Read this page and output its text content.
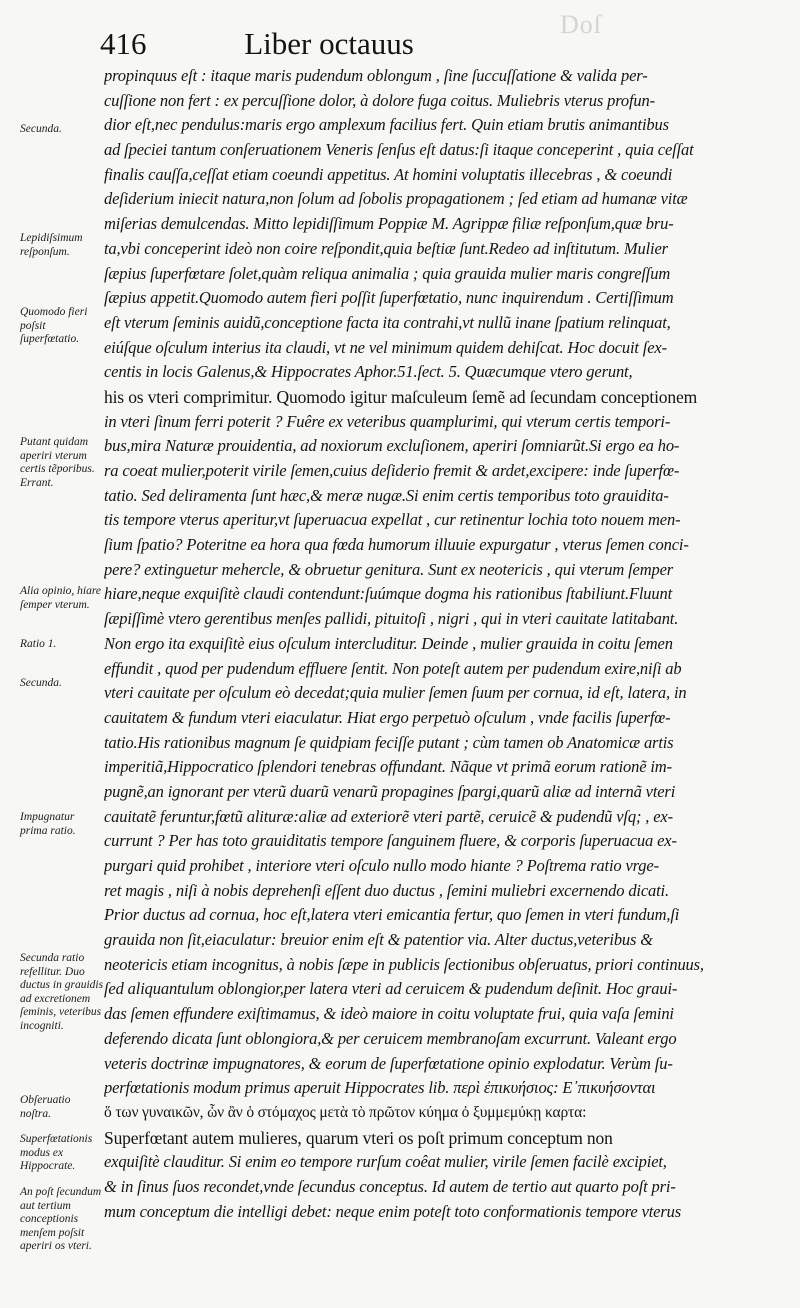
Doſ
416	Liber octauus
Secunda.
Lepidiſsimum reſponſum.
Quomodo fieri poſsit ſuperfœtatio.
Putant quidam aperiri vterum certis tẽporibus. Errant.
Alia opinio, hiare ſemper vterum.
Ratio 1.
Secunda.
Impugnatur prima ratio.
Secunda ratio refellitur. Duo ductus in grauidis ad excretionem ſeminis, veteribus incogniti.
Obſeruatio noſtra.
Superfœtationis modus ex Hippocrate.
An poſt ſecundum aut tertium conceptionis menſem poſsit aperiri os vteri.
propinquus eſt : itaque maris pudendum oblongum , ſine ſuccuſſatione & valida per-
cuſſione non fert : ex percuſſione dolor, à dolore fuga coitus. Muliebris vterus profun-
dior eſt,nec pendulus:maris ergo amplexum facilius fert. Quin etiam brutis animantibus
ad ſpeciei tantum conſeruationem Veneris ſenſus eſt datus:ſi itaque conceperint , quia ceſſat
finalis cauſſa,ceſſat etiam coeundi appetitus. At homini voluptatis illecebras , & coeundi
deſiderium iniecit natura,non ſolum ad ſobolis propagationem ; ſed etiam ad humanæ vitæ
miſerias demulcendas. Mitto lepidiſſimum Poppiæ M. Agrippæ filiæ reſponſum,quæ bru-
ta,vbi conceperint ideò non coire reſpondit,quia beſtiæ ſunt.Redeo ad inſtitutum. Mulier
ſæpius ſuperfœtare ſolet,quàm reliqua animalia ; quia grauida mulier maris congreſſum
ſæpius appetit.Quomodo autem fieri poſſit ſuperfœtatio, nunc inquirendum . Certiſſimum
eſt vterum ſeminis auidũ,conceptione facta ita contrahi,vt nullũ inane ſpatium relinquat,
eiúſque oſculum interius ita claudi, vt ne vel minimum quidem dehiſcat. Hoc docuit ſex-
centis in locis Galenus,& Hippocrates Aphor.51.ſect. 5. Quæcumque vtero gerunt,
his os vteri comprimitur. Quomodo igitur maſculeum ſemẽ ad ſecundam conceptionem
in vteri ſinum ferri poterit ? Fuêre ex veteribus quamplurimi, qui vterum certis tempori-
bus,mira Naturæ prouidentia, ad noxiorum excluſionem, aperiri ſomniarũt.Si ergo ea ho-
ra coeat mulier,poterit virile ſemen,cuius deſiderio fremit & ardet,excipere: inde ſuperfœ-
tatio. Sed deliramenta ſunt hæc,& meræ nugæ.Si enim certis temporibus toto grauidita-
tis tempore vterus aperitur,vt ſuperuacua expellat , cur retinentur lochia toto nouem men-
ſium ſpatio? Poteritne ea hora qua fœda humorum illuuie expurgatur , vterus ſemen conci-
pere? extinguetur mehercle, & obruetur genitura. Sunt ex neotericis , qui vterum ſemper
hiare,neque exquiſitè claudi contendunt:ſuúmque dogma his rationibus ſtabiliunt.Fluunt
ſæpiſſimè vtero gerentibus menſes pallidi, pituitoſi , nigri , qui in vteri cauitate latitabant.
Non ergo ita exquiſitè eius oſculum intercluditur. Deinde , mulier grauida in coitu ſemen
effundit , quod per pudendum effluere ſentit. Non poteſt autem per pudendum exire,niſi ab
vteri cauitate per oſculum eò decedat;quia mulier ſemen ſuum per cornua, id eſt, latera, in
cauitatem & fundum vteri eiaculatur. Hiat ergo perpetuò oſculum , vnde facilis ſuperfœ-
tatio.His rationibus magnum ſe quidpiam feciſſe putant ; cùm tamen ob Anatomicæ artis
imperitiã,Hippocratico ſplendori tenebras offundant. Nãque vt primã eorum rationẽ im-
pugnẽ,an ignorant per vterũ duarũ venarũ propagines ſpargi,quarũ aliæ ad internã vteri
cauitatẽ feruntur,fœtũ alituræ:aliæ ad exteriorẽ vteri partẽ, ceruicẽ & pudendũ vſq; , ex-
currunt ? Per has toto grauiditatis tempore ſanguinem fluere, & corporis ſuperuacua ex-
purgari quid prohibet , interiore vteri oſculo nullo modo hiante ? Poſtrema ratio vrge-
ret magis , niſi à nobis deprehenſi eſſent duo ductus , ſemini muliebri excernendo dicati.
Prior ductus ad cornua, hoc eſt,latera vteri emicantia fertur, quo ſemen in vteri fundum,ſi
grauida non ſit,eiaculatur: breuior enim eſt & patentior via. Alter ductus,veteribus &
neotericis etiam incognitus, à nobis ſæpe in publicis ſectionibus obſeruatus, priori continuus,
ſed aliquantulum oblongior,per latera vteri ad ceruicem & pudendum deſinit. Hoc graui-
das ſemen effundere exiſtimamus, & ideò maiore in coitu voluptate frui, quia vaſa ſemini
deferendo dicata ſunt oblongiora,& per ceruicem membranoſam excurrunt. Valeant ergo
veteris doctrinæ impugnatores, & eorum de ſuperfœtatione opinio explodatur. Verùm ſu-
perfœtationis modum primus aperuit Hippocrates lib. περὶ ἐπικυήσιος: Ε᾽πικυήσονται
ὅ των γυναικῶν, ὧν ἂν ὁ στόμαχος μετὰ τὸ πρῶτον κύημα ὀ ξυμμεμύκῃ καρτα:
Superfœtant autem mulieres, quarum vteri os poſt primum conceptum non
exquiſitè clauditur. Si enim eo tempore rurſum coêat mulier, virile ſemen facilè excipiet,
& in ſinus ſuos recondet,vnde ſecundus conceptus. Id autem de tertio aut quarto poſt pri-
mum conceptum die intelligi debet: neque enim poteſt toto conformationis tempore vterus
